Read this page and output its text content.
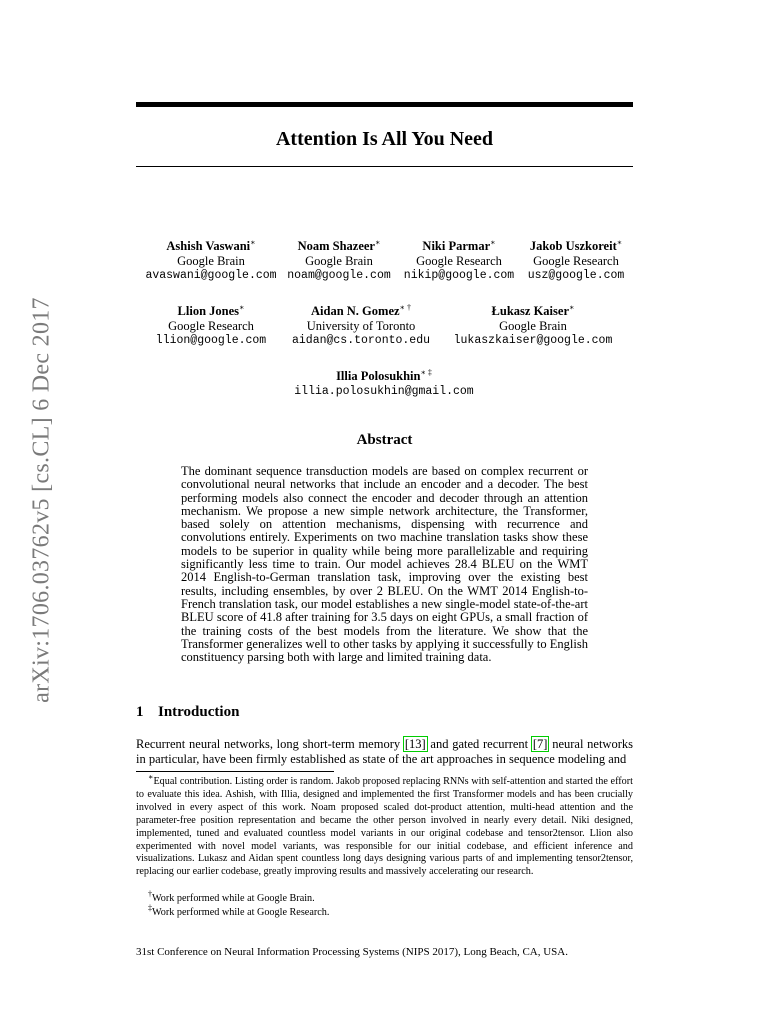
Attention Is All You Need
arXiv:1706.03762v5 [cs.CL] 6 Dec 2017
Ashish Vaswani∗
Google Brain
avaswani@google.com
Noam Shazeer∗
Google Brain
noam@google.com
Niki Parmar∗
Google Research
nikip@google.com
Jakob Uszkoreit∗
Google Research
usz@google.com
Llion Jones∗
Google Research
llion@google.com
Aidan N. Gomez∗ †
University of Toronto
aidan@cs.toronto.edu
Łukasz Kaiser∗
Google Brain
lukaszkaiser@google.com
Illia Polosukhin∗ ‡
illia.polosukhin@gmail.com
Abstract
The dominant sequence transduction models are based on complex recurrent or convolutional neural networks that include an encoder and a decoder. The best performing models also connect the encoder and decoder through an attention mechanism. We propose a new simple network architecture, the Transformer, based solely on attention mechanisms, dispensing with recurrence and convolutions entirely. Experiments on two machine translation tasks show these models to be superior in quality while being more parallelizable and requiring significantly less time to train. Our model achieves 28.4 BLEU on the WMT 2014 English-to-German translation task, improving over the existing best results, including ensembles, by over 2 BLEU. On the WMT 2014 English-to-French translation task, our model establishes a new single-model state-of-the-art BLEU score of 41.8 after training for 3.5 days on eight GPUs, a small fraction of the training costs of the best models from the literature. We show that the Transformer generalizes well to other tasks by applying it successfully to English constituency parsing both with large and limited training data.
1 Introduction
Recurrent neural networks, long short-term memory [13] and gated recurrent [7] neural networks in particular, have been firmly established as state of the art approaches in sequence modeling and
∗Equal contribution. Listing order is random. Jakob proposed replacing RNNs with self-attention and started the effort to evaluate this idea. Ashish, with Illia, designed and implemented the first Transformer models and has been crucially involved in every aspect of this work. Noam proposed scaled dot-product attention, multi-head attention and the parameter-free position representation and became the other person involved in nearly every detail. Niki designed, implemented, tuned and evaluated countless model variants in our original codebase and tensor2tensor. Llion also experimented with novel model variants, was responsible for our initial codebase, and efficient inference and visualizations. Lukasz and Aidan spent countless long days designing various parts of and implementing tensor2tensor, replacing our earlier codebase, greatly improving results and massively accelerating our research.
†Work performed while at Google Brain.
‡Work performed while at Google Research.
31st Conference on Neural Information Processing Systems (NIPS 2017), Long Beach, CA, USA.
